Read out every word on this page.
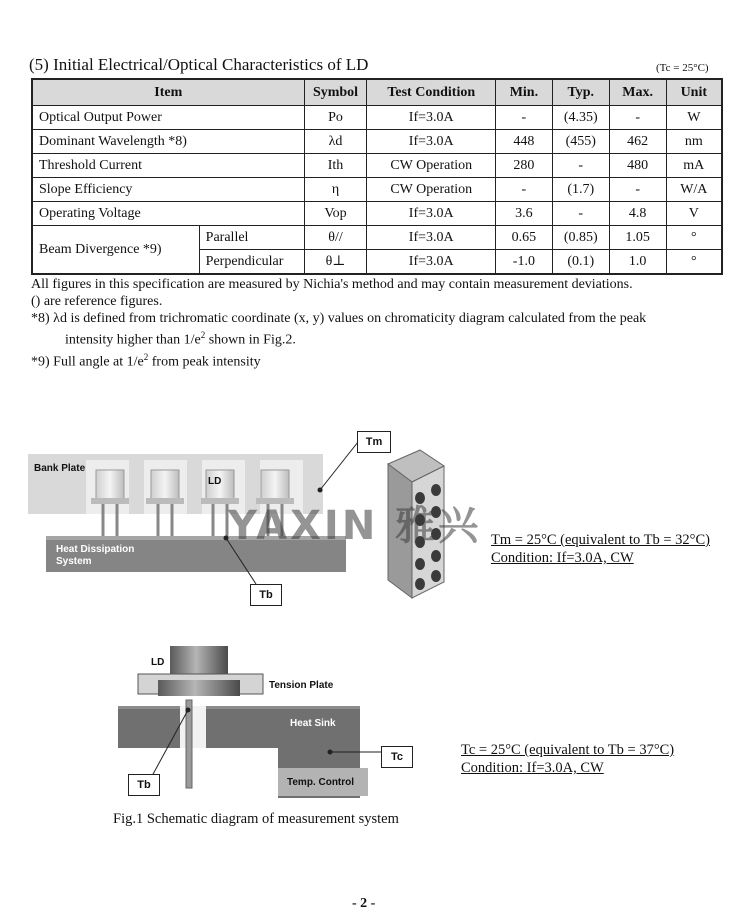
(5) Initial Electrical/Optical Characteristics of LD	(Tc = 25°C)
Item		Symbol	Test Condition	Min.	Typ.	Max.	Unit
Optical Output Power		Po	If=3.0A	-	(4.35)	-	W
Dominant Wavelength *8)		λd	If=3.0A	448	(455)	462	nm
Threshold Current		Ith	CW Operation	280	-	480	mA
Slope Efficiency		η	CW Operation	-	(1.7)	-	W/A
Operating Voltage		Vop	If=3.0A	3.6	-	4.8	V
Beam Divergence *9)	Parallel	θ//	If=3.0A	0.65	(0.85)	1.05	°
	Perpendicular	θ⊥	If=3.0A	-1.0	(0.1)	1.0	°

All figures in this specification are measured by Nichia's method and may contain measurement deviations.

() are reference figures.

*8) λd is defined from trichromatic coordinate (x, y) values on chromaticity diagram calculated from the peak

intensity higher than $1/e^2$ shown in Fig.2.

*9) Full angle at $1/e^2$ from peak intensity

Bank Plate
LD
Heat Dissipation
System
Tm
Tb
YAXIN 雅兴 Tm = 25°C (equivalent to Tb = 32°C)
Condition: If=3.0A, CW
LD
Tension Plate
Heat Sink
Temp. Control
Tc
Tb
Tc = 25°C (equivalent to Tb = 37°C)
Condition: If=3.0A, CW
Fig.1 Schematic diagram of measurement system
- 2 -
